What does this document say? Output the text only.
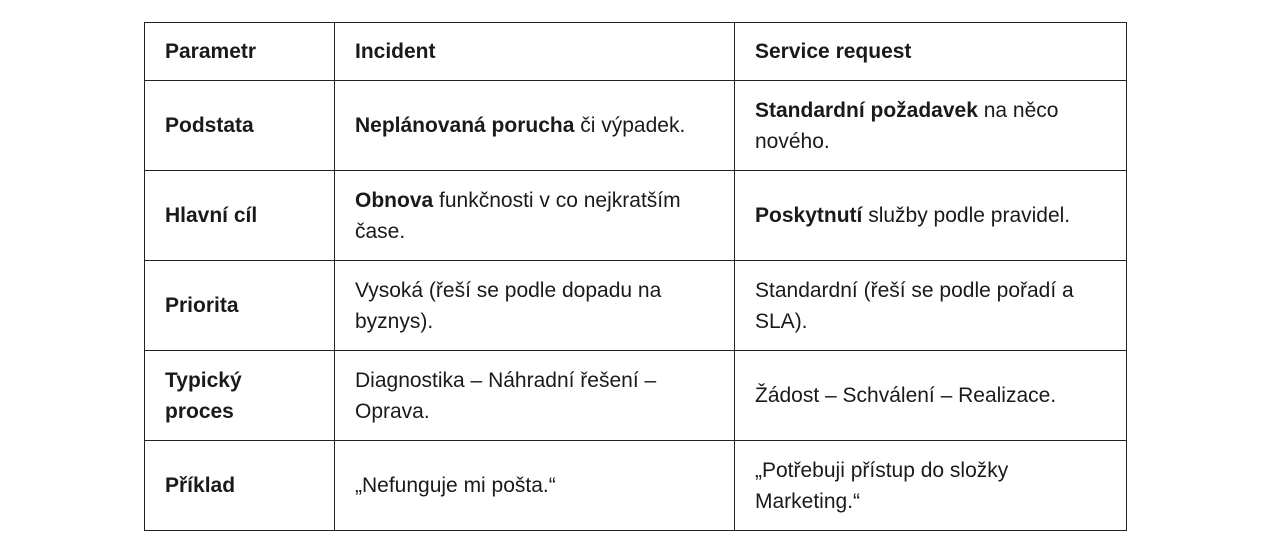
Parametr	Incident	Service request
Podstata	Neplánovaná porucha či výpadek.	Standardní požadavek na něco nového.
Hlavní cíl	Obnova funkčnosti v co nejkratším čase.	Poskytnutí služby podle pravidel.
Priorita	Vysoká (řeší se podle dopadu na byznys).	Standardní (řeší se podle pořadí a SLA).
Typický proces	Diagnostika – Náhradní řešení – Oprava.	Žádost – Schválení – Realizace.
Příklad	„Nefunguje mi pošta.“	„Potřebuji přístup do složky Marketing.“
